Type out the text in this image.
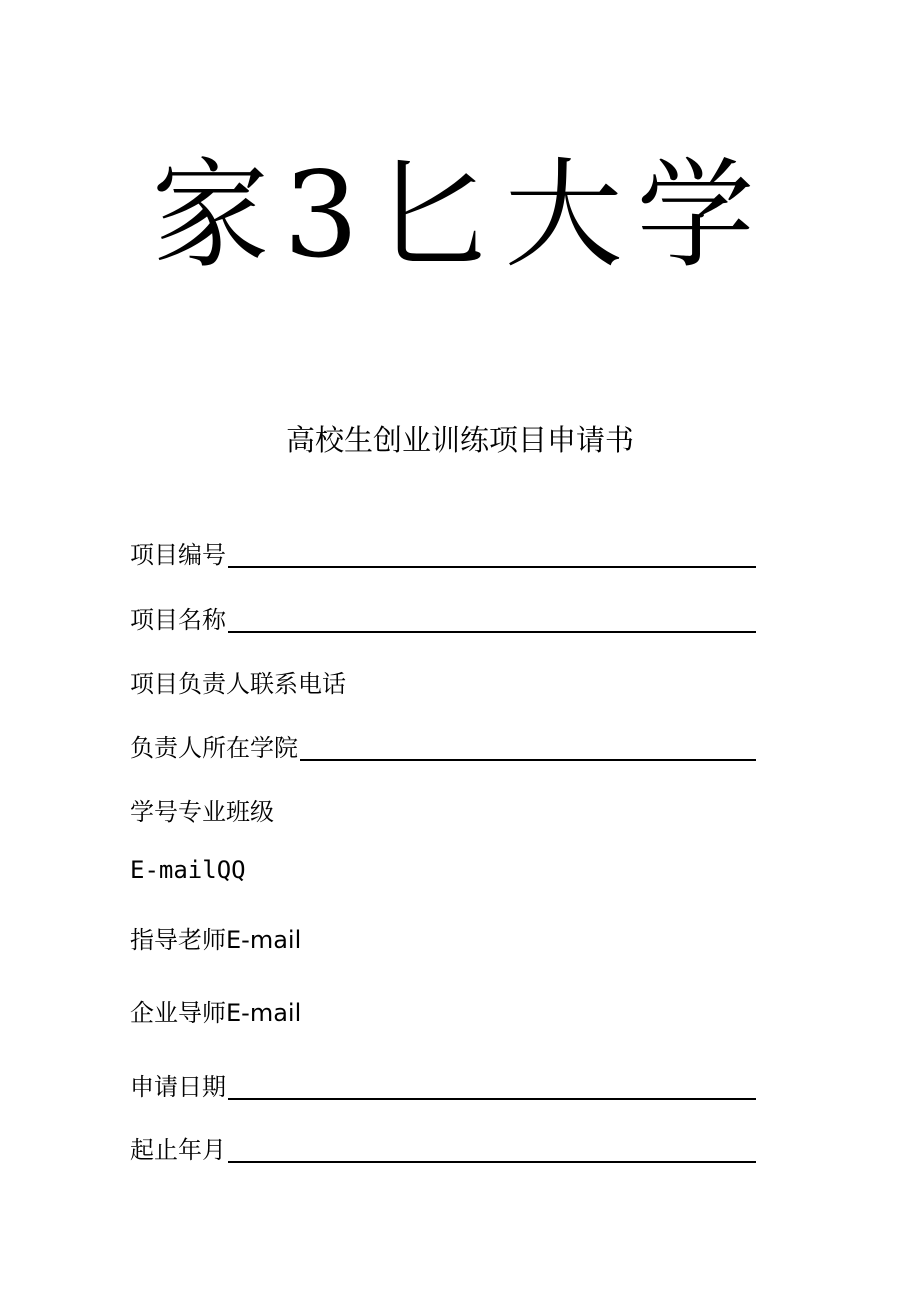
家3匕大学
高校生创业训练项目申请书
项目编号
项目名称
项目负责人联系电话
负责人所在学院
学号专业班级
E-mailQQ
指导老师E-mail
企业导师E-mail
申请日期
起止年月
